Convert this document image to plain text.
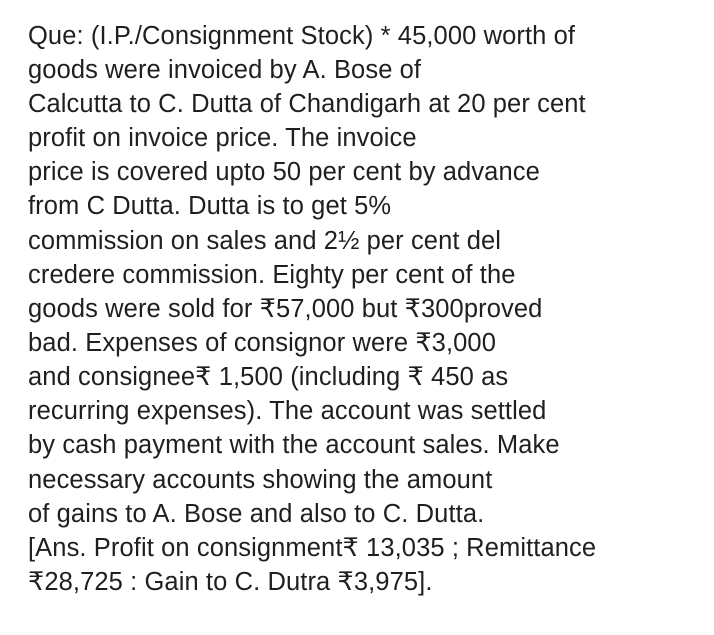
Que: (I.P./Consignment Stock) * 45,000 worth of
goods were invoiced by A. Bose of
Calcutta to C. Dutta of Chandigarh at 20 per cent
profit on invoice price. The invoice
price is covered upto 50 per cent by advance
from C Dutta. Dutta is to get 5%
commission on sales and 2½ per cent del
credere commission. Eighty per cent of the
goods were sold for ₹57,000 but ₹300proved
bad. Expenses of consignor were ₹3,000
and consignee₹ 1,500 (including ₹ 450 as
recurring expenses). The account was settled
by cash payment with the account sales. Make
necessary accounts showing the amount
of gains to A. Bose and also to C. Dutta.
[Ans. Profit on consignment₹ 13,035 ; Remittance
₹28,725 : Gain to C. Dutra ₹3,975].
